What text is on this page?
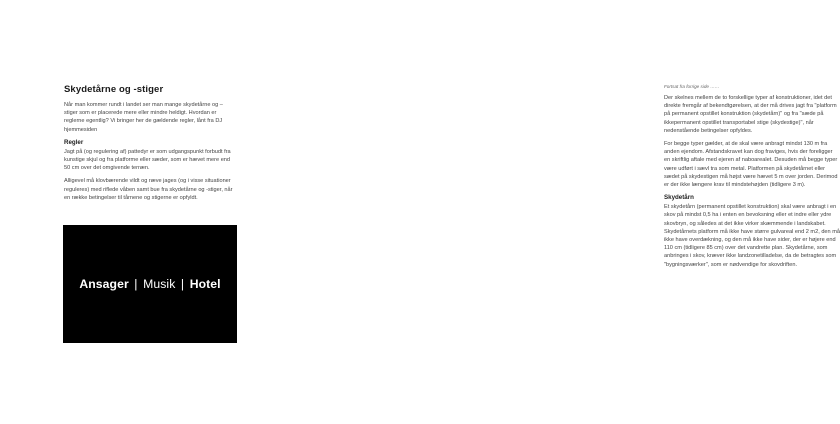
Skydetårne og -stiger

Når man kommer rundt i landet ser man mange skydetårne og –stiger som er placerede mere eller mindre heldigt. Hvordan er reglerne egentlig? Vi bringer her de gældende regler, lånt fra DJ hjemmesiden

Regler

Jagt på (og regulering af) pattedyr er som udgangspunkt forbudt fra kunstige skjul og fra platforme eller sæder, som er hævet mere end 50 cm over det omgivende terræn.

Alligevel må klovbærende vildt og ræve jages (og i visse situationer reguleres) med riflede våben samt bue fra skydetårne og -stiger, når en række betingelser til tårnene og stigerne er opfyldt.

Ansager | Musik | Hotel
Fortsat fra forrige side ……

Der skelnes mellem de to forskellige typer af konstruktioner, idet det direkte fremgår af bekendtgørelsen, at der må drives jagt fra "platform på permanent opstillet konstruktion (skydetårn)" og fra "sæde på ikkepermanent opstillet transportabel stige (skydestige)", når nedenstående betingelser opfyldes.

For begge typer gælder, at de skal være anbragt mindst 130 m fra anden ejendom. Afstandskravet kan dog fraviges, hvis der foreligger en skriftlig aftale med ejeren af naboarealet. Desuden må begge typer være udført i sævl tra som metal. Platformen på skydetårnet eller sædet på skydestigen må højst være hævet 5 m over jorden. Derimod er der ikke længere krav til mindstehøjden (tidligere 3 m).

Skydetårn

Et skydetårn (permanent opstillet konstruktion) skal være anbragt i en skov på mindst 0,5 ha i enten en bevoksning eller et indre eller ydre skovbryn, og således at det ikke virker skæmmende i landskabet. Skydetårnets platform må ikke have større gulvareal end 2 m2, den må ikke have overdækning, og den må ikke have sider, der er højere end 110 cm (tidligere 85 cm) over det vandrette plan. Skydetårne, som anbringes i skov, kræver ikke landzonetilladelse, da de betragtes som "bygningsværker", som er nødvendige for skovdriften.
